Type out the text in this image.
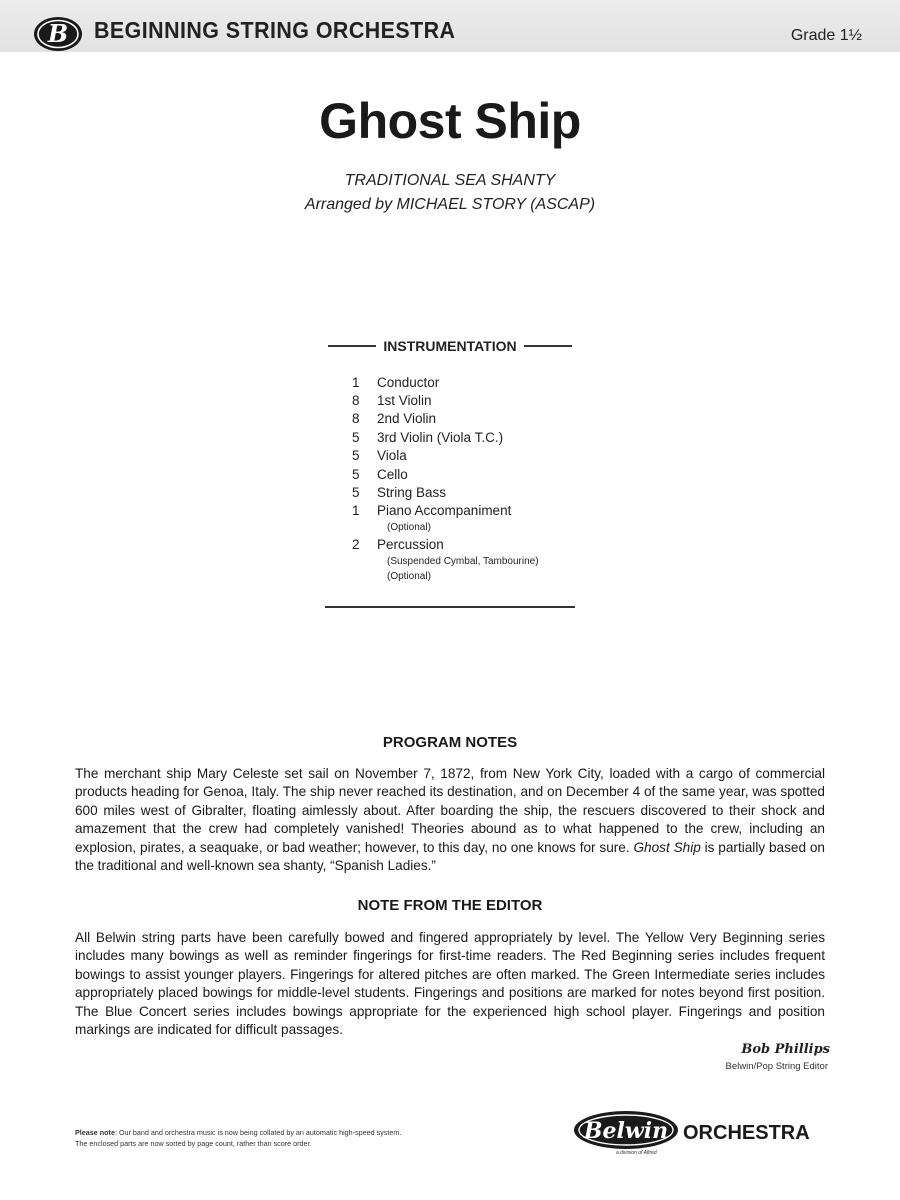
B BEGINNING STRING ORCHESTRA	Grade 1½
Ghost Ship
TRADITIONAL SEA SHANTY
Arranged by MICHAEL STORY (ASCAP)
INSTRUMENTATION
1	Conductor
8	1st Violin
8	2nd Violin
5	3rd Violin (Viola T.C.)
5	Viola
5	Cello
5	String Bass
1	Piano Accompaniment
(Optional)
2	Percussion
(Suspended Cymbal, Tambourine)
(Optional)
PROGRAM NOTES
The merchant ship Mary Celeste set sail on November 7, 1872, from New York City, loaded with a cargo of commercial products heading for Genoa, Italy. The ship never reached its destination, and on December 4 of the same year, was spotted 600 miles west of Gibralter, floating aimlessly about. After boarding the ship, the rescuers discovered to their shock and amazement that the crew had completely vanished! Theories abound as to what happened to the crew, including an explosion, pirates, a seaquake, or bad weather; however, to this day, no one knows for sure. Ghost Ship is partially based on the traditional and well-known sea shanty, “Spanish Ladies.”
NOTE FROM THE EDITOR
All Belwin string parts have been carefully bowed and fingered appropriately by level. The Yellow Very Beginning series includes many bowings as well as reminder fingerings for first-time readers. The Red Beginning series includes frequent bowings to assist younger players. Fingerings for altered pitches are often marked. The Green Intermediate series includes appropriately placed bowings for middle-level students. Fingerings and positions are marked for notes beyond first position. The Blue Concert series includes bowings appropriate for the experienced high school player. Fingerings and position markings are indicated for difficult passages.
Bob Phillips
Belwin/Pop String Editor
Please note: Our band and orchestra music is now being collated by an automatic high-speed system.
The enclosed parts are now sorted by page count, rather than score order.	Belwin ORCHESTRA
a division of Alfred
